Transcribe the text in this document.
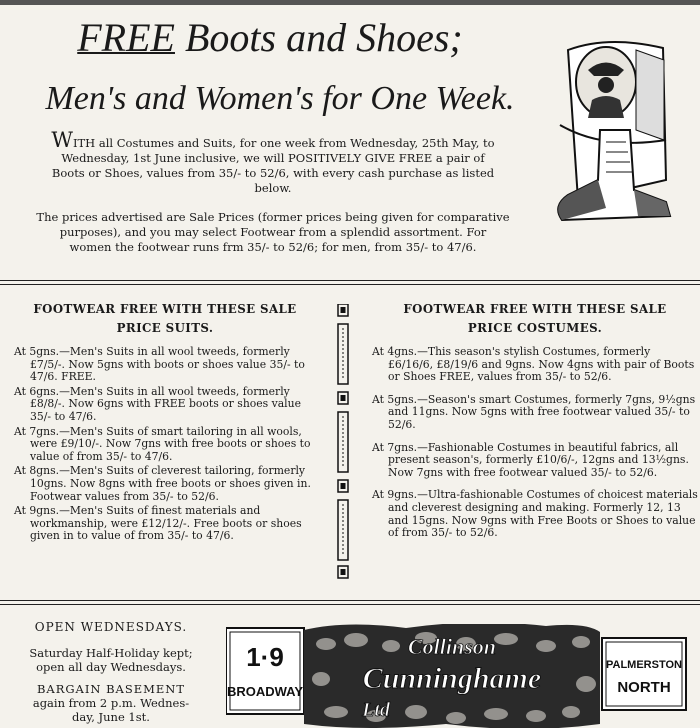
FREE Boots and Shoes;
Men's and Women's for One Week.
WITH all Costumes and Suits, for one week from Wednesday, 25th May, to
Wednesday, 1st June inclusive, we will POSITIVELY GIVE FREE a pair of
Boots or Shoes, values from 35/- to 52/6, with every cash purchase as listed
below.
The prices advertised are Sale Prices (former prices being given for comparative
purposes), and you may select Footwear from a splendid assortment. For
women the footwear runs frm 35/- to 52/6; for men, from 35/- to 47/6.
FOOTWEAR FREE WITH THESE SALE
PRICE SUITS.
At 5gns.—Men's Suits in all wool tweeds, formerly £7/5/-. Now 5gns with boots or shoes value 35/- to 47/6. FREE.
At 6gns.—Men's Suits in all wool tweeds, formerly £8/8/-. Now 6gns with FREE boots or shoes value 35/- to 47/6.
At 7gns.—Men's Suits of smart tailoring in all wools, were £9/10/-. Now 7gns with free boots or shoes to value of from 35/- to 47/6.
At 8gns.—Men's Suits of cleverest tailoring, formerly 10gns. Now 8gns with free boots or shoes given in. Footwear values from 35/- to 52/6.
At 9gns.—Men's Suits of finest materials and workmanship, were £12/12/-. Free boots or shoes given in to value of from 35/- to 47/6.
FOOTWEAR FREE WITH THESE SALE
PRICE COSTUMES.
At 4gns.—This season's stylish Costumes, formerly £6/16/6, £8/19/6 and 9gns. Now 4gns with pair of Boots or Shoes FREE, values from 35/- to 52/6.
At 5gns.—Season's smart Costumes, formerly 7gns, 9½gns and 11gns. Now 5gns with free footwear valued 35/- to 52/6.
At 7gns.—Fashionable Costumes in beautiful fabrics, all present season's, formerly £10/6/-, 12gns and 13½gns. Now 7gns with free footwear valued 35/- to 52/6.
At 9gns.—Ultra-fashionable Costumes of choicest materials and cleverest designing and making. Formerly 12, 13 and 15gns. Now 9gns with Free Boots or Shoes to value of from 35/- to 52/6.
OPEN WEDNESDAYS.
Saturday Half-Holiday kept;
open all day Wednesdays.
BARGAIN BASEMENT
again from 2 p.m. Wednes-
day, June 1st.
1·9
BROADWAY
Collinson
Cunninghame
Ltd
PALMERSTON
NORTH
